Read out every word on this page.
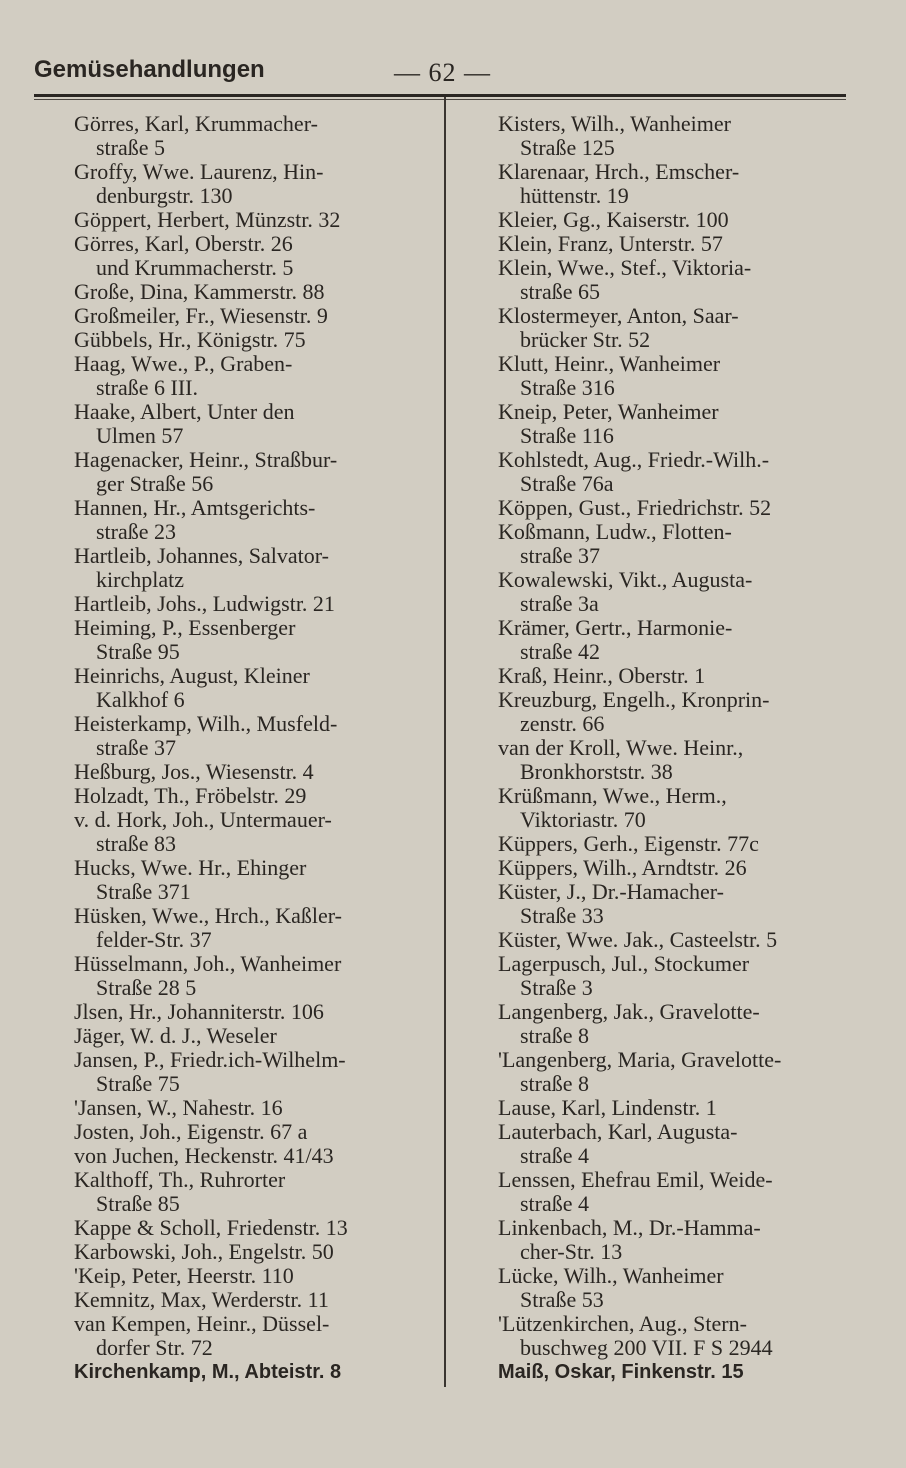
Gemüsehandlungen	— 62 —
Görres, Karl, Krummacher-
straße 5
Groffy, Wwe. Laurenz, Hin-
denburgstr. 130
Göppert, Herbert, Münzstr. 32
Görres, Karl, Oberstr. 26
und Krummacherstr. 5
Große, Dina, Kammerstr. 88
Großmeiler, Fr., Wiesenstr. 9
Gübbels, Hr., Königstr. 75
Haag, Wwe., P., Graben-
straße 6 III.
Haake, Albert, Unter den
Ulmen 57
Hagenacker, Heinr., Straßbur-
ger Straße 56
Hannen, Hr., Amtsgerichts-
straße 23
Hartleib, Johannes, Salvator-
kirchplatz
Hartleib, Johs., Ludwigstr. 21
Heiming, P., Essenberger
Straße 95
Heinrichs, August, Kleiner
Kalkhof 6
Heisterkamp, Wilh., Musfeld-
straße 37
Heßburg, Jos., Wiesenstr. 4
Holzadt, Th., Fröbelstr. 29
v. d. Hork, Joh., Untermauer-
straße 83
Hucks, Wwe. Hr., Ehinger
Straße 371
Hüsken, Wwe., Hrch., Kaßler-
felder-Str. 37
Hüsselmann, Joh., Wanheimer
Straße 28 5
Jlsen, Hr., Johanniterstr. 106
Jäger, W. d. J., Weseler
Jansen, P., Friedr.ich-Wilhelm-
Straße 75
'Jansen, W., Nahestr. 16
Josten, Joh., Eigenstr. 67 a
von Juchen, Heckenstr. 41/43
Kalthoff, Th., Ruhrorter
Straße 85
Kappe & Scholl, Friedenstr. 13
Karbowski, Joh., Engelstr. 50
'Keip, Peter, Heerstr. 110
Kemnitz, Max, Werderstr. 11
van Kempen, Heinr., Düssel-
dorfer Str. 72
Kirchenkamp, M., Abteistr. 8
Kisters, Wilh., Wanheimer
Straße 125
Klarenaar, Hrch., Emscher-
hüttenstr. 19
Kleier, Gg., Kaiserstr. 100
Klein, Franz, Unterstr. 57
Klein, Wwe., Stef., Viktoria-
straße 65
Klostermeyer, Anton, Saar-
brücker Str. 52
Klutt, Heinr., Wanheimer
Straße 316
Kneip, Peter, Wanheimer
Straße 116
Kohlstedt, Aug., Friedr.-Wilh.-
Straße 76a
Köppen, Gust., Friedrichstr. 52
Koßmann, Ludw., Flotten-
straße 37
Kowalewski, Vikt., Augusta-
straße 3a
Krämer, Gertr., Harmonie-
straße 42
Kraß, Heinr., Oberstr. 1
Kreuzburg, Engelh., Kronprin-
zenstr. 66
van der Kroll, Wwe. Heinr.,
Bronkhorststr. 38
Krüßmann, Wwe., Herm.,
Viktoriastr. 70
Küppers, Gerh., Eigenstr. 77c
Küppers, Wilh., Arndtstr. 26
Küster, J., Dr.-Hamacher-
Straße 33
Küster, Wwe. Jak., Casteelstr. 5
Lagerpusch, Jul., Stockumer
Straße 3
Langenberg, Jak., Gravelotte-
straße 8
'Langenberg, Maria, Gravelotte-
straße 8
Lause, Karl, Lindenstr. 1
Lauterbach, Karl, Augusta-
straße 4
Lenssen, Ehefrau Emil, Weide-
straße 4
Linkenbach, M., Dr.-Hamma-
cher-Str. 13
Lücke, Wilh., Wanheimer
Straße 53
'Lützenkirchen, Aug., Stern-
buschweg 200 VII. F S 2944
Maiß, Oskar, Finkenstr. 15
